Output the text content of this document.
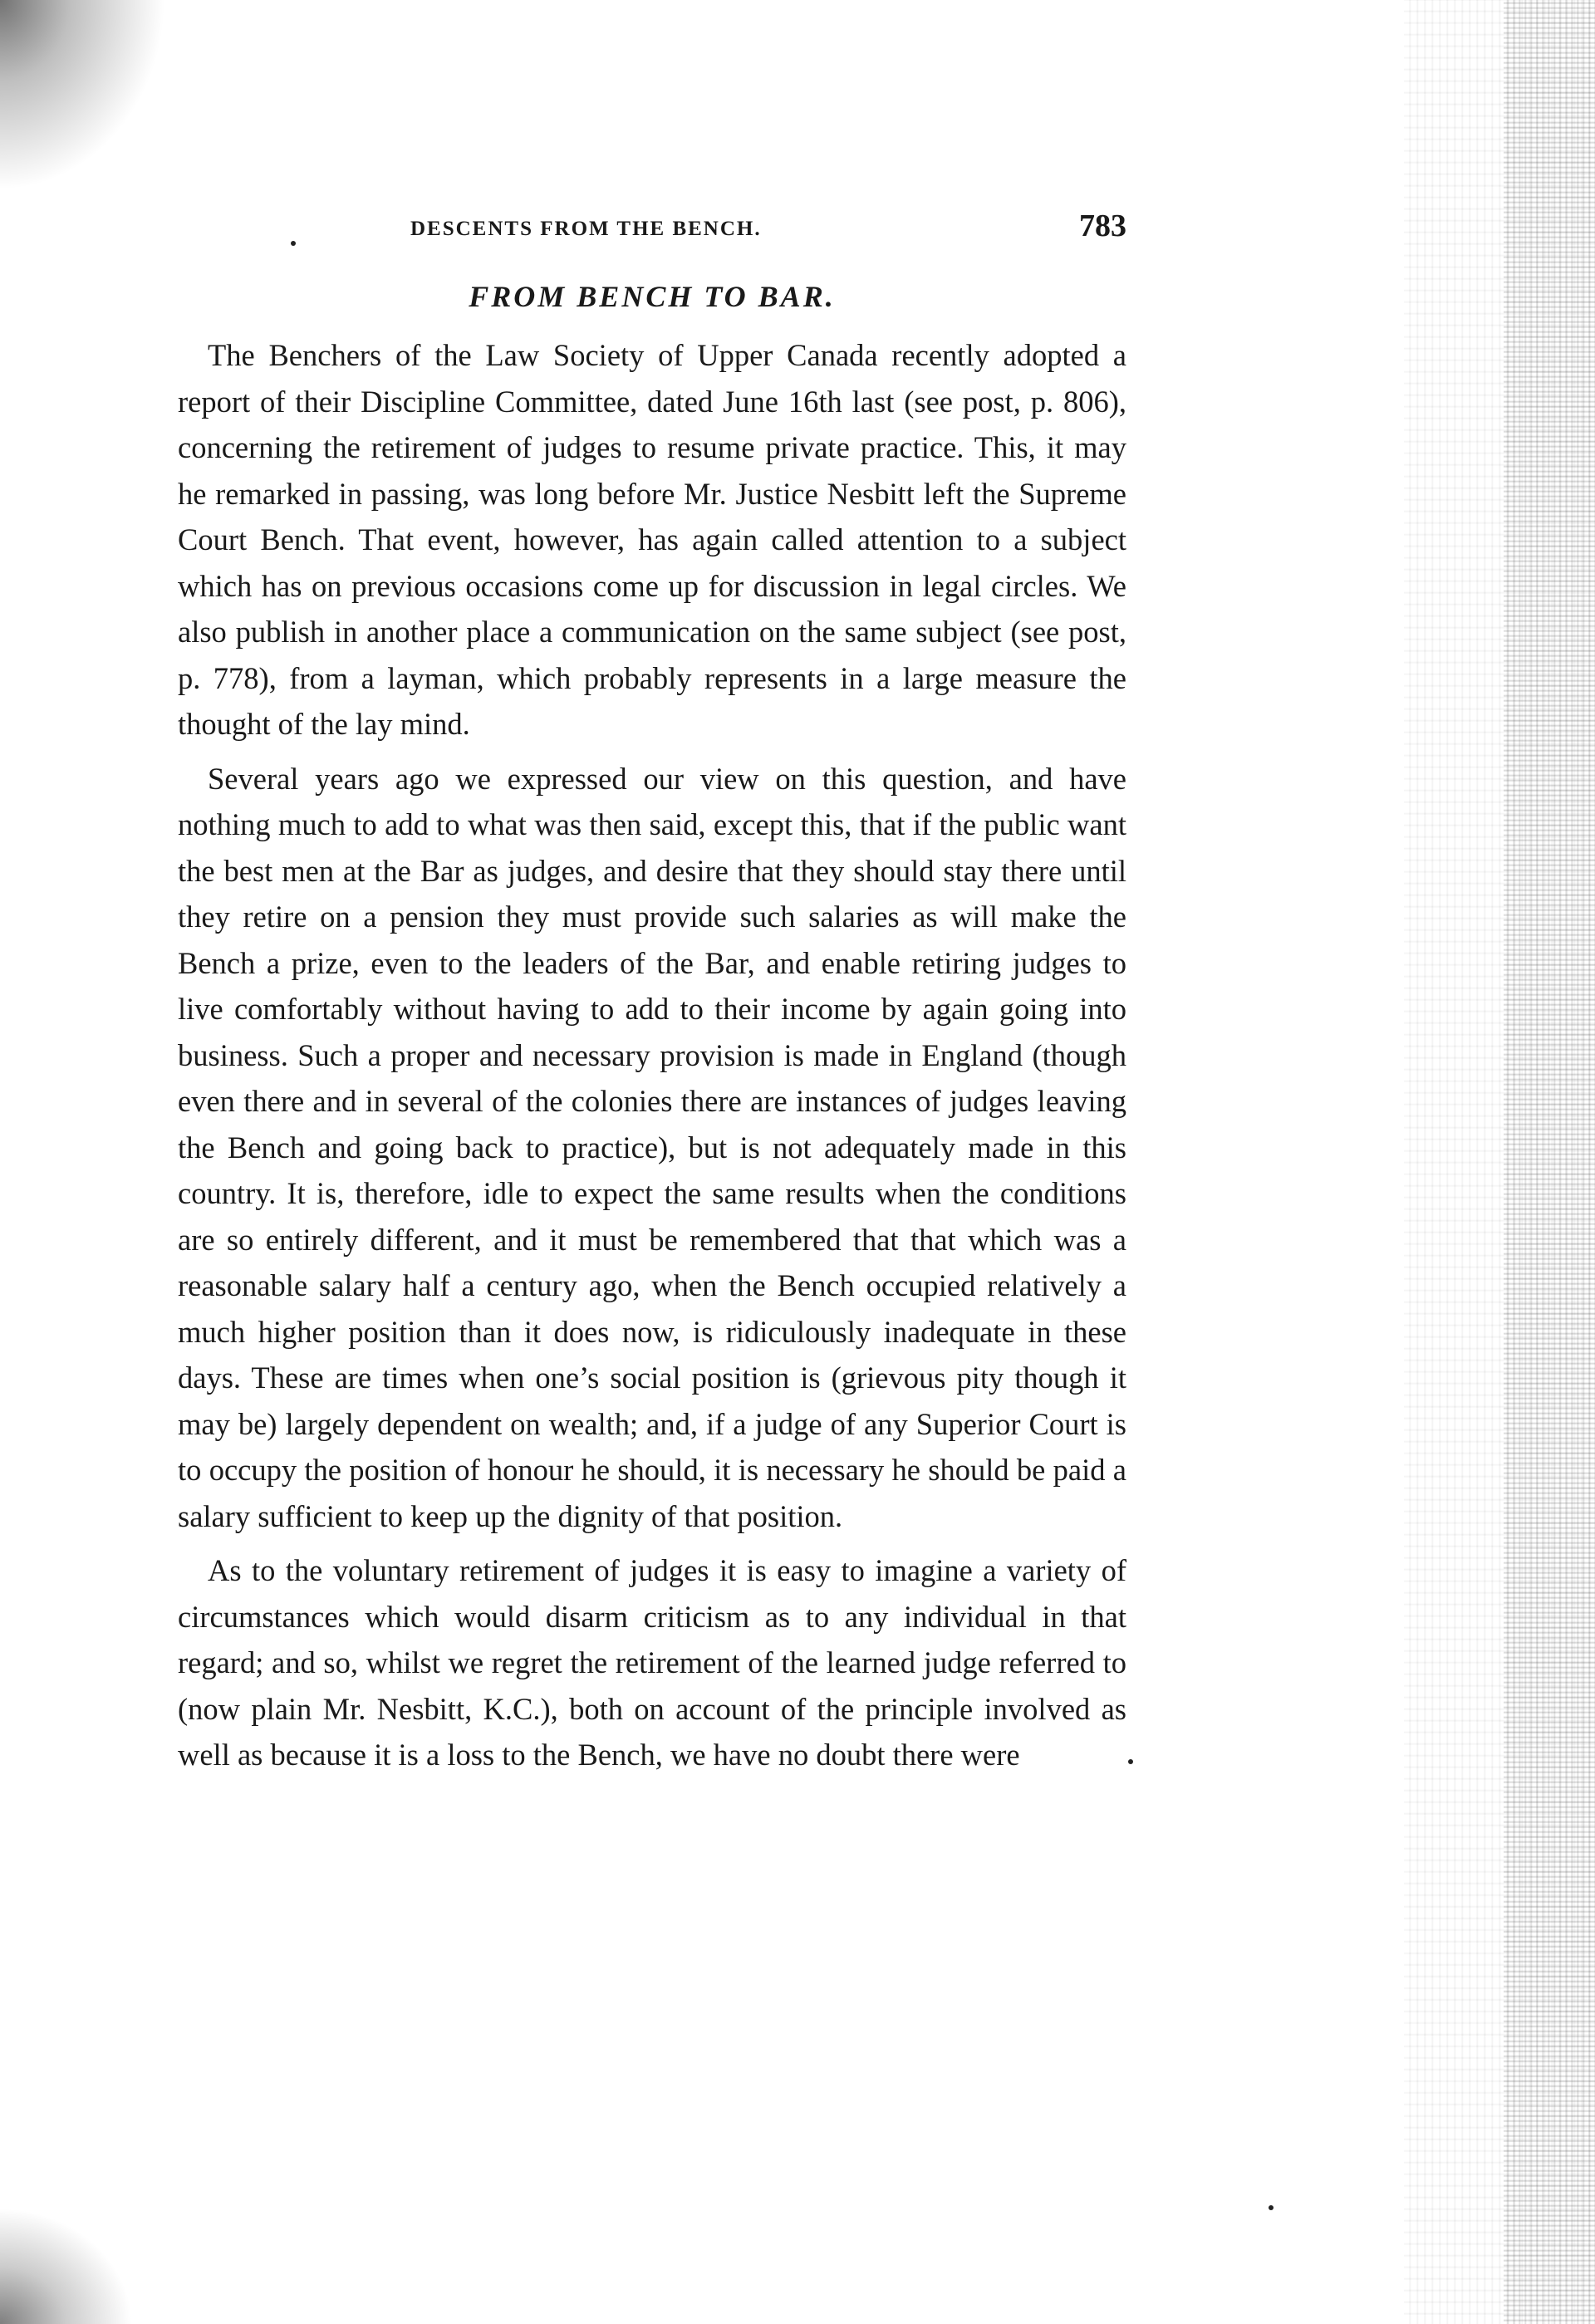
DESCENTS FROM THE BENCH.	783
FROM BENCH TO BAR.

The Benchers of the Law Society of Upper Canada recently adopted a report of their Discipline Committee, dated June 16th last (see post, p. 806), concerning the retirement of judges to resume private practice. This, it may he remarked in passing, was long before Mr. Justice Nesbitt left the Supreme Court Bench. That event, however, has again called attention to a subject which has on previous occasions come up for discussion in legal circles. We also publish in another place a communication on the same subject (see post, p. 778), from a layman, which probably represents in a large measure the thought of the lay mind.

Several years ago we expressed our view on this question, and have nothing much to add to what was then said, except this, that if the public want the best men at the Bar as judges, and desire that they should stay there until they retire on a pension they must provide such salaries as will make the Bench a prize, even to the leaders of the Bar, and enable retiring judges to live comfortably without having to add to their income by again going into business. Such a proper and necessary provision is made in England (though even there and in several of the colonies there are instances of judges leaving the Bench and going back to practice), but is not adequately made in this country. It is, therefore, idle to expect the same results when the conditions are so entirely different, and it must be remembered that that which was a reasonable salary half a century ago, when the Bench occupied relatively a much higher position than it does now, is ridiculously inadequate in these days. These are times when one’s social position is (grievous pity though it may be) largely dependent on wealth; and, if a judge of any Superior Court is to occupy the position of honour he should, it is necessary he should be paid a salary sufficient to keep up the dignity of that position.

As to the voluntary retirement of judges it is easy to imagine a variety of circumstances which would disarm criticism as to any individual in that regard; and so, whilst we regret the retirement of the learned judge referred to (now plain Mr. Nesbitt, K.C.), both on account of the principle involved as well as because it is a loss to the Bench, we have no doubt there were
